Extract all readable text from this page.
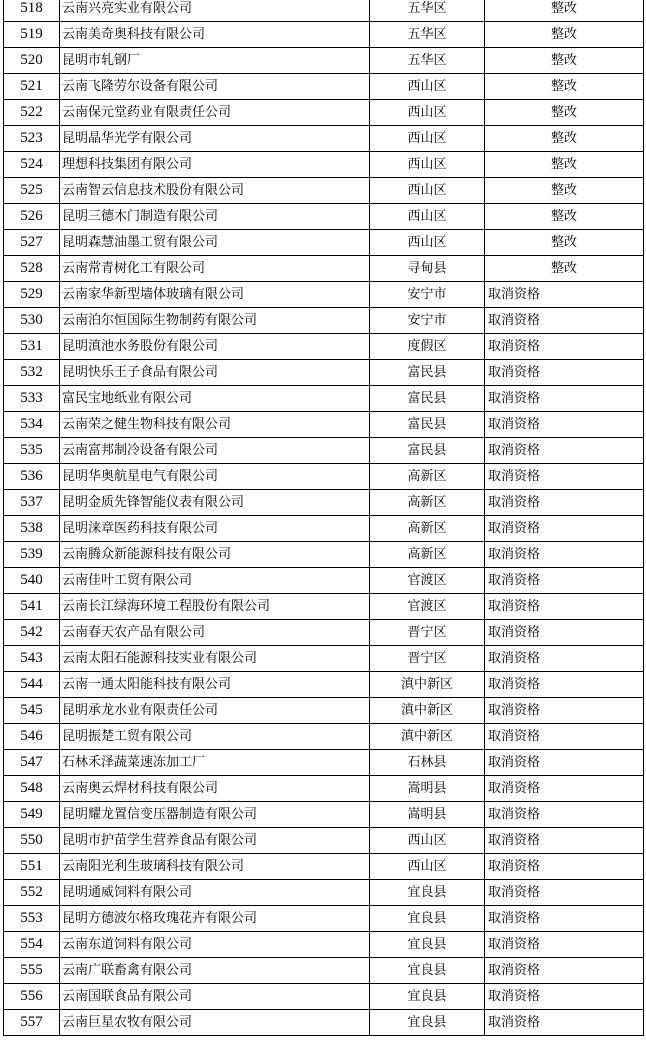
518	云南兴亮实业有限公司	五华区	整改
519	云南美奇奥科技有限公司	五华区	整改
520	昆明市轧钢厂	五华区	整改
521	云南飞隆劳尔设备有限公司	西山区	整改
522	云南保元堂药业有限责任公司	西山区	整改
523	昆明晶华光学有限公司	西山区	整改
524	理想科技集团有限公司	西山区	整改
525	云南智云信息技术股份有限公司	西山区	整改
526	昆明三德木门制造有限公司	西山区	整改
527	昆明森慧油墨工贸有限公司	西山区	整改
528	云南常青树化工有限公司	寻甸县	整改
529	云南家华新型墙体玻璃有限公司	安宁市	取消资格
530	云南泊尔恒国际生物制药有限公司	安宁市	取消资格
531	昆明滇池水务股份有限公司	度假区	取消资格
532	昆明快乐王子食品有限公司	富民县	取消资格
533	富民宝地纸业有限公司	富民县	取消资格
534	云南荣之健生物科技有限公司	富民县	取消资格
535	云南富邦制冷设备有限公司	富民县	取消资格
536	昆明华奥航星电气有限公司	高新区	取消资格
537	昆明金质先锋智能仪表有限公司	高新区	取消资格
538	昆明涞章医药科技有限公司	高新区	取消资格
539	云南腾众新能源科技有限公司	高新区	取消资格
540	云南佳叶工贸有限公司	官渡区	取消资格
541	云南长江绿海环境工程股份有限公司	官渡区	取消资格
542	云南春天农产品有限公司	晋宁区	取消资格
543	云南太阳石能源科技实业有限公司	晋宁区	取消资格
544	云南一通太阳能科技有限公司	滇中新区	取消资格
545	昆明承龙水业有限责任公司	滇中新区	取消资格
546	昆明振楚工贸有限公司	滇中新区	取消资格
547	石林禾泽蔬菜速冻加工厂	石林县	取消资格
548	云南奥云焊材科技有限公司	嵩明县	取消资格
549	昆明耀龙置信变压器制造有限公司	嵩明县	取消资格
550	昆明市护苗学生营养食品有限公司	西山区	取消资格
551	云南阳光利生玻璃科技有限公司	西山区	取消资格
552	昆明通威饲料有限公司	宜良县	取消资格
553	昆明方德波尔格玫瑰花卉有限公司	宜良县	取消资格
554	云南东道饲料有限公司	宜良县	取消资格
555	云南广联畜禽有限公司	宜良县	取消资格
556	云南国联食品有限公司	宜良县	取消资格
557	云南巨星农牧有限公司	宜良县	取消资格
